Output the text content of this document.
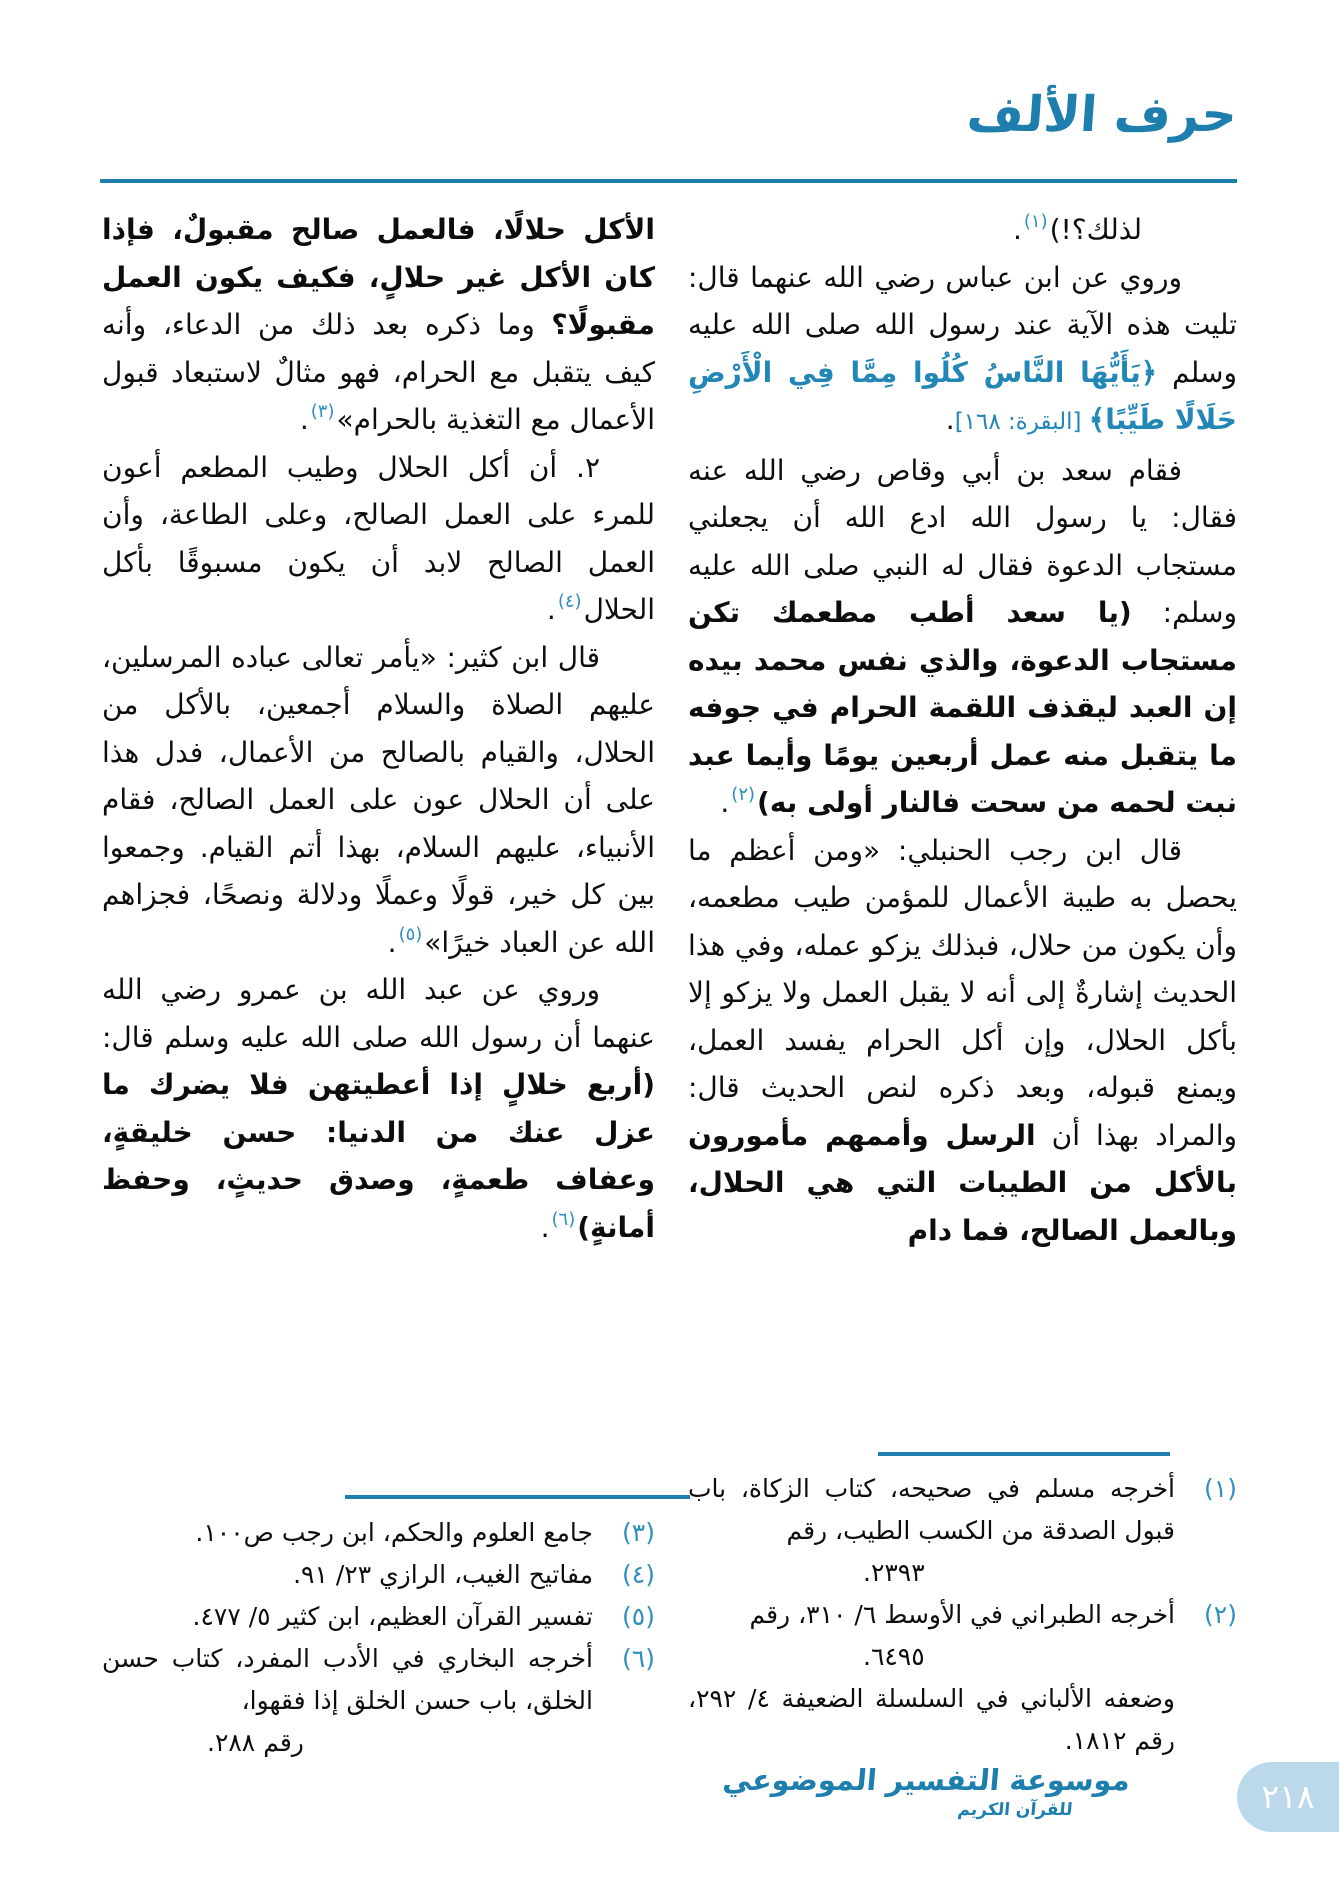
حرف الألف

لذلك؟!)$^{(١)}$.

وروي عن ابن عباس رضي الله عنهما قال: تليت هذه الآية عند رسول الله صلى الله عليه وسلم ﴿يَأَيُّهَا النَّاسُ كُلُوا مِمَّا فِي الْأَرْضِ حَلَالًا طَيِّبًا﴾ [البقرة: ١٦٨].

فقام سعد بن أبي وقاص رضي الله عنه فقال: يا رسول الله ادع الله أن يجعلني مستجاب الدعوة فقال له النبي صلى الله عليه وسلم: (يا سعد أطب مطعمك تكن مستجاب الدعوة، والذي نفس محمد بيده إن العبد ليقذف اللقمة الحرام في جوفه ما يتقبل منه عمل أربعين يومًا وأيما عبد نبت لحمه من سحت فالنار أولى به)$^{(٢)}$.

قال ابن رجب الحنبلي: «ومن أعظم ما يحصل به طيبة الأعمال للمؤمن طيب مطعمه، وأن يكون من حلال، فبذلك يزكو عمله، وفي هذا الحديث إشارةٌ إلى أنه لا يقبل العمل ولا يزكو إلا بأكل الحلال، وإن أكل الحرام يفسد العمل، ويمنع قبوله، وبعد ذكره لنص الحديث قال: والمراد بهذا أن الرسل وأممهم مأمورون بالأكل من الطيبات التي هي الحلال، وبالعمل الصالح، فما دام

الأكل حلالًا، فالعمل صالح مقبولٌ، فإذا كان الأكل غير حلالٍ، فكيف يكون العمل مقبولًا؟ وما ذكره بعد ذلك من الدعاء، وأنه كيف يتقبل مع الحرام، فهو مثالٌ لاستبعاد قبول الأعمال مع التغذية بالحرام»$^{(٣)}$.

٢. أن أكل الحلال وطيب المطعم أعون للمرء على العمل الصالح، وعلى الطاعة، وأن العمل الصالح لابد أن يكون مسبوقًا بأكل الحلال$^{(٤)}$.

قال ابن كثير: «يأمر تعالى عباده المرسلين، عليهم الصلاة والسلام أجمعين، بالأكل من الحلال، والقيام بالصالح من الأعمال، فدل هذا على أن الحلال عون على العمل الصالح، فقام الأنبياء، عليهم السلام، بهذا أتم القيام. وجمعوا بين كل خير، قولًا وعملًا ودلالة ونصحًا، فجزاهم الله عن العباد خيرًا»$^{(٥)}$.

وروي عن عبد الله بن عمرو رضي الله عنهما أن رسول الله صلى الله عليه وسلم قال: (أربع خلالٍ إذا أعطيتهن فلا يضرك ما عزل عنك من الدنيا: حسن خليقةٍ، وعفاف طعمةٍ، وصدق حديثٍ، وحفظ أمانةٍ)$^{(٦)}$.

(١)
أخرجه مسلم في صحيحه، كتاب الزكاة، باب قبول الصدقة من الكسب الطيب، رقم
٢٣٩٣.
(٢)
أخرجه الطبراني في الأوسط ٦/ ٣١٠، رقم
٦٤٩٥.
وضعفه الألباني في السلسلة الضعيفة ٤/ ٢٩٢، رقم ١٨١٢.
(٣)
جامع العلوم والحكم، ابن رجب ص١٠٠.
(٤)
مفاتيح الغيب، الرازي ٢٣/ ٩١.
(٥)
تفسير القرآن العظيم، ابن كثير ٥/ ٤٧٧.
(٦)
أخرجه البخاري في الأدب المفرد، كتاب حسن الخلق، باب حسن الخلق إذا فقهوا،
رقم ٢٨٨.
موسوعة التفسير الموضوعي
للقرآن الكريم	٢١٨
